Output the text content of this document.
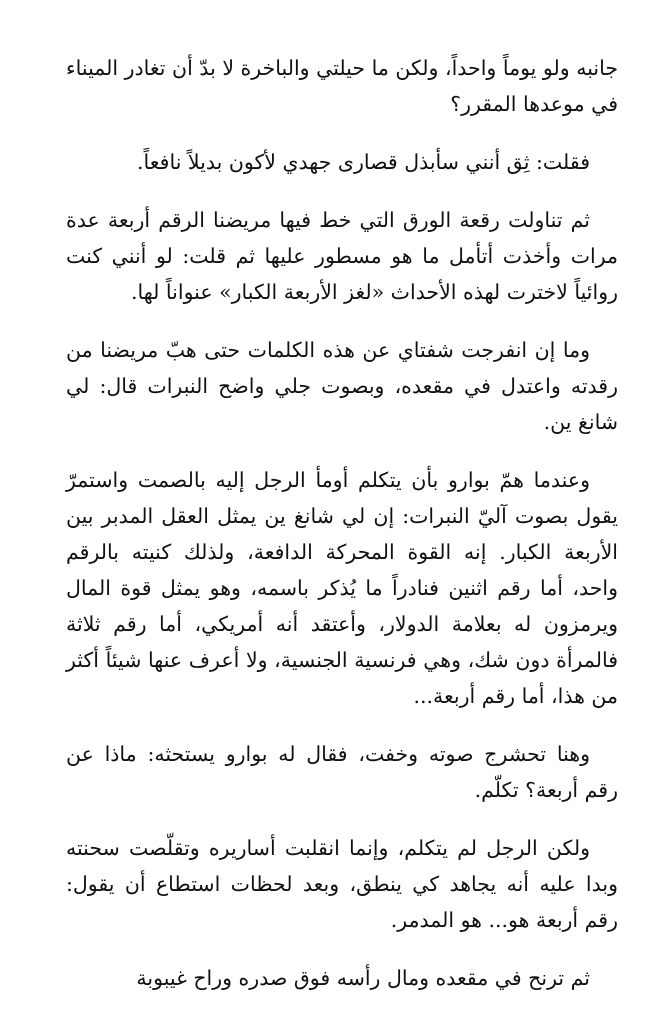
جانبه ولو يوماً واحداً، ولكن ما حيلتي والباخرة لا بدّ أن تغادر الميناء في موعدها المقرر؟

فقلت: ثِق أنني سأبذل قصارى جهدي لأكون بديلاً نافعاً.

ثم تناولت رقعة الورق التي خط فيها مريضنا الرقم أربعة عدة مرات وأخذت أتأمل ما هو مسطور عليها ثم قلت: لو أنني كنت روائياً لاخترت لهذه الأحداث «لغز الأربعة الكبار» عنواناً لها.

وما إن انفرجت شفتاي عن هذه الكلمات حتى هبّ مريضنا من رقدته واعتدل في مقعده، وبصوت جلي واضح النبرات قال: لي شانغ ين.

وعندما همّ بوارو بأن يتكلم أومأ الرجل إليه بالصمت واستمرّ يقول بصوت آليّ النبرات: إن لي شانغ ين يمثل العقل المدبر بين الأربعة الكبار. إنه القوة المحركة الدافعة، ولذلك كنيته بالرقم واحد، أما رقم اثنين فنادراً ما يُذكر باسمه، وهو يمثل قوة المال ويرمزون له بعلامة الدولار، وأعتقد أنه أمريكي، أما رقم ثلاثة فالمرأة دون شك، وهي فرنسية الجنسية، ولا أعرف عنها شيئاً أكثر من هذا، أما رقم أربعة...

وهنا تحشرج صوته وخفت، فقال له بوارو يستحثه: ماذا عن رقم أربعة؟ تكلّم.

ولكن الرجل لم يتكلم، وإنما انقلبت أساريره وتقلّصت سحنته وبدا عليه أنه يجاهد كي ينطق، وبعد لحظات استطاع أن يقول: رقم أربعة هو... هو المدمر.

ثم ترنح في مقعده ومال رأسه فوق صدره وراح غيبوبة
